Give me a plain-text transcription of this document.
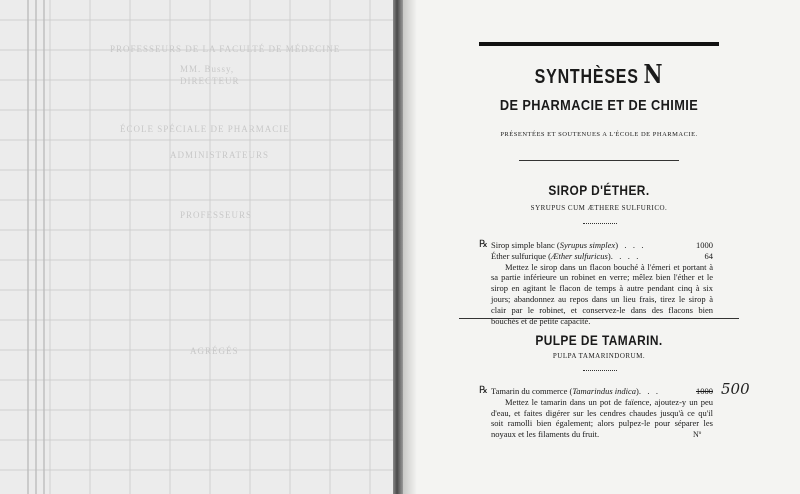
PROFESSEURS DE LA FACULTÉ DE MÉDECINE
MM. Bussy,
DIRECTEUR
ÉCOLE SPÉCIALE DE PHARMACIE
ADMINISTRATEURS
PROFESSEURS
AGRÉGÉS
SYNTHÈSES N
DE PHARMACIE ET DE CHIMIE
PRÉSENTÉES ET SOUTENUES A L'ÉCOLE DE PHARMACIE.
SIROP D'ÉTHER.
SYRUPUS CUM ÆTHERE SULFURICO.
℞ Sirop simple blanc (Syrupus simplex)   .   .   .	1000
Éther sulfurique (Æther sulfuricus).   .   .   .	64
Mettez le sirop dans un flacon bouché à l'émeri et portant à sa partie inférieure un robinet en verre; mêlez bien l'éther et le sirop en agitant le flacon de temps à autre pendant cinq à six jours; abandonnez au repos dans un lieu frais, tirez le sirop à clair par le robinet, et conservez-le dans des flacons bien bouchés et de petite capacité.
PULPE DE TAMARIN.
PULPA TAMARINDORUM.
℞ Tamarin du commerce (Tamarindus indica).   .   .	1000
Mettez le tamarin dans un pot de faïence, ajoutez-y un peu d'eau, et faites digérer sur les cendres chaudes jusqu'à ce qu'il soit ramolli bien également; alors pulpez-le pour séparer les noyaux et les filaments du fruit.
500
Nº
